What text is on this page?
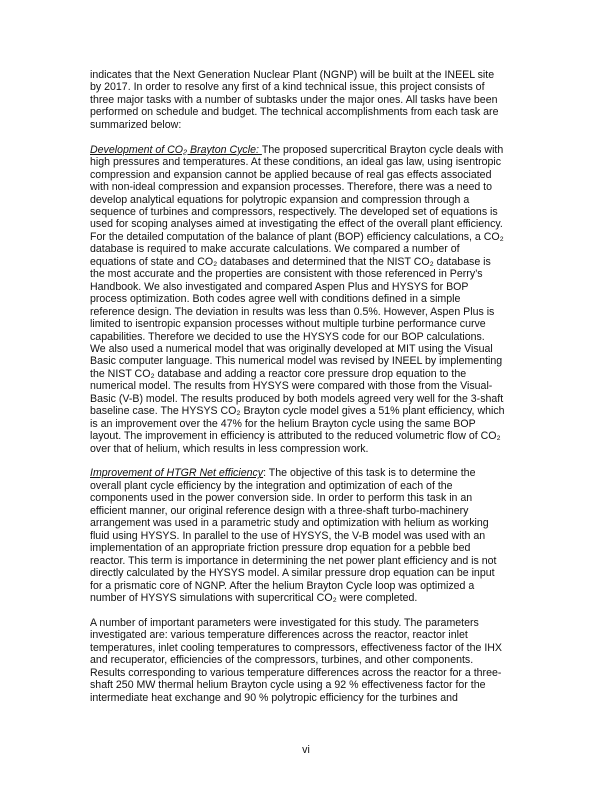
indicates that the Next Generation Nuclear Plant (NGNP) will be built at the INEEL site
by 2017. In order to resolve any first of a kind technical issue, this project consists of
three major tasks with a number of subtasks under the major ones. All tasks have been
performed on schedule and budget. The technical accomplishments from each task are
summarized below:

Development of CO₂ Brayton Cycle: The proposed supercritical Brayton cycle deals with
high pressures and temperatures. At these conditions, an ideal gas law, using isentropic
compression and expansion cannot be applied because of real gas effects associated
with non-ideal compression and expansion processes. Therefore, there was a need to
develop analytical equations for polytropic expansion and compression through a
sequence of turbines and compressors, respectively. The developed set of equations is
used for scoping analyses aimed at investigating the effect of the overall plant efficiency.
For the detailed computation of the balance of plant (BOP) efficiency calculations, a CO₂
database is required to make accurate calculations. We compared a number of
equations of state and CO₂ databases and determined that the NIST CO₂ database is
the most accurate and the properties are consistent with those referenced in Perry’s
Handbook. We also investigated and compared Aspen Plus and HYSYS for BOP
process optimization. Both codes agree well with conditions defined in a simple
reference design. The deviation in results was less than 0.5%. However, Aspen Plus is
limited to isentropic expansion processes without multiple turbine performance curve
capabilities. Therefore we decided to use the HYSYS code for our BOP calculations.
We also used a numerical model that was originally developed at MIT using the Visual
Basic computer language. This numerical model was revised by INEEL by implementing
the NIST CO₂ database and adding a reactor core pressure drop equation to the
numerical model. The results from HYSYS were compared with those from the Visual-
Basic (V-B) model. The results produced by both models agreed very well for the 3-shaft
baseline case. The HYSYS CO₂ Brayton cycle model gives a 51% plant efficiency, which
is an improvement over the 47% for the helium Brayton cycle using the same BOP
layout. The improvement in efficiency is attributed to the reduced volumetric flow of CO₂
over that of helium, which results in less compression work.

Improvement of HTGR Net efficiency: The objective of this task is to determine the
overall plant cycle efficiency by the integration and optimization of each of the
components used in the power conversion side. In order to perform this task in an
efficient manner, our original reference design with a three-shaft turbo-machinery
arrangement was used in a parametric study and optimization with helium as working
fluid using HYSYS. In parallel to the use of HYSYS, the V-B model was used with an
implementation of an appropriate friction pressure drop equation for a pebble bed
reactor. This term is importance in determining the net power plant efficiency and is not
directly calculated by the HYSYS model. A similar pressure drop equation can be input
for a prismatic core of NGNP. After the helium Brayton Cycle loop was optimized a
number of HYSYS simulations with supercritical CO₂ were completed.

A number of important parameters were investigated for this study. The parameters
investigated are: various temperature differences across the reactor, reactor inlet
temperatures, inlet cooling temperatures to compressors, effectiveness factor of the IHX
and recuperator, efficiencies of the compressors, turbines, and other components.
Results corresponding to various temperature differences across the reactor for a three-
shaft 250 MW thermal helium Brayton cycle using a 92 % effectiveness factor for the
intermediate heat exchange and 90 % polytropic efficiency for the turbines and

vi
